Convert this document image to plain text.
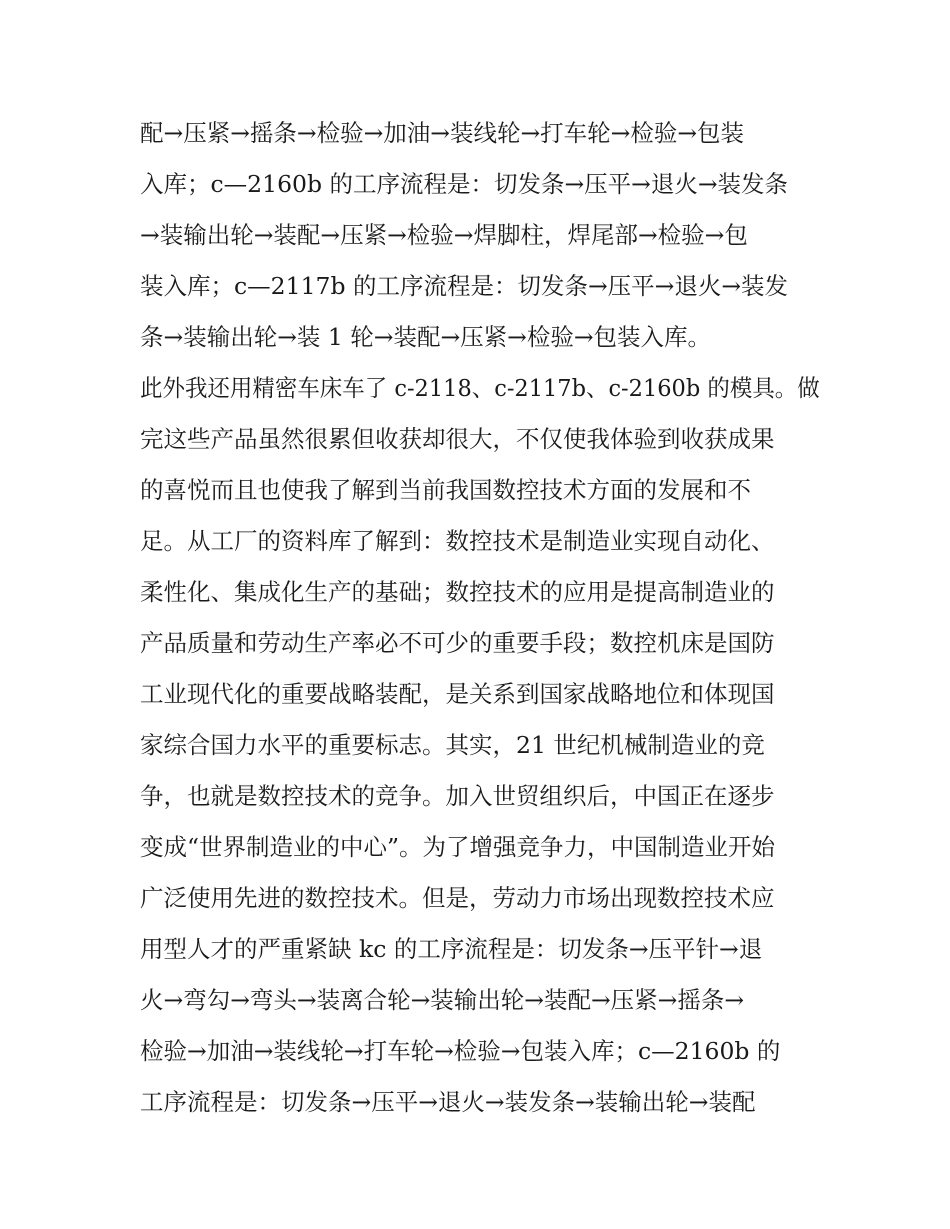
配→压紧→摇条→检验→加油→装线轮→打车轮→检验→包装
入库；c—2160b 的工序流程是：切发条→压平→退火→装发条
→装输出轮→装配→压紧→检验→焊脚柱，焊尾部→检验→包
装入库；c—2117b 的工序流程是：切发条→压平→退火→装发
条→装输出轮→装 1 轮→装配→压紧→检验→包装入库。
此外我还用精密车床车了 c-2118、c-2117b、c-2160b 的模具。做
完这些产品虽然很累但收获却很大，不仅使我体验到收获成果
的喜悦而且也使我了解到当前我国数控技术方面的发展和不
足。从工厂的资料库了解到：数控技术是制造业实现自动化、
柔性化、集成化生产的基础；数控技术的应用是提高制造业的
产品质量和劳动生产率必不可少的重要手段；数控机床是国防
工业现代化的重要战略装配，是关系到国家战略地位和体现国
家综合国力水平的重要标志。其实，21 世纪机械制造业的竞
争，也就是数控技术的竞争。加入世贸组织后，中国正在逐步
变成“世界制造业的中心”。为了增强竞争力，中国制造业开始
广泛使用先进的数控技术。但是，劳动力市场出现数控技术应
用型人才的严重紧缺 kc 的工序流程是：切发条→压平针→退
火→弯勾→弯头→装离合轮→装输出轮→装配→压紧→摇条→
检验→加油→装线轮→打车轮→检验→包装入库；c—2160b 的
工序流程是：切发条→压平→退火→装发条→装输出轮→装配
